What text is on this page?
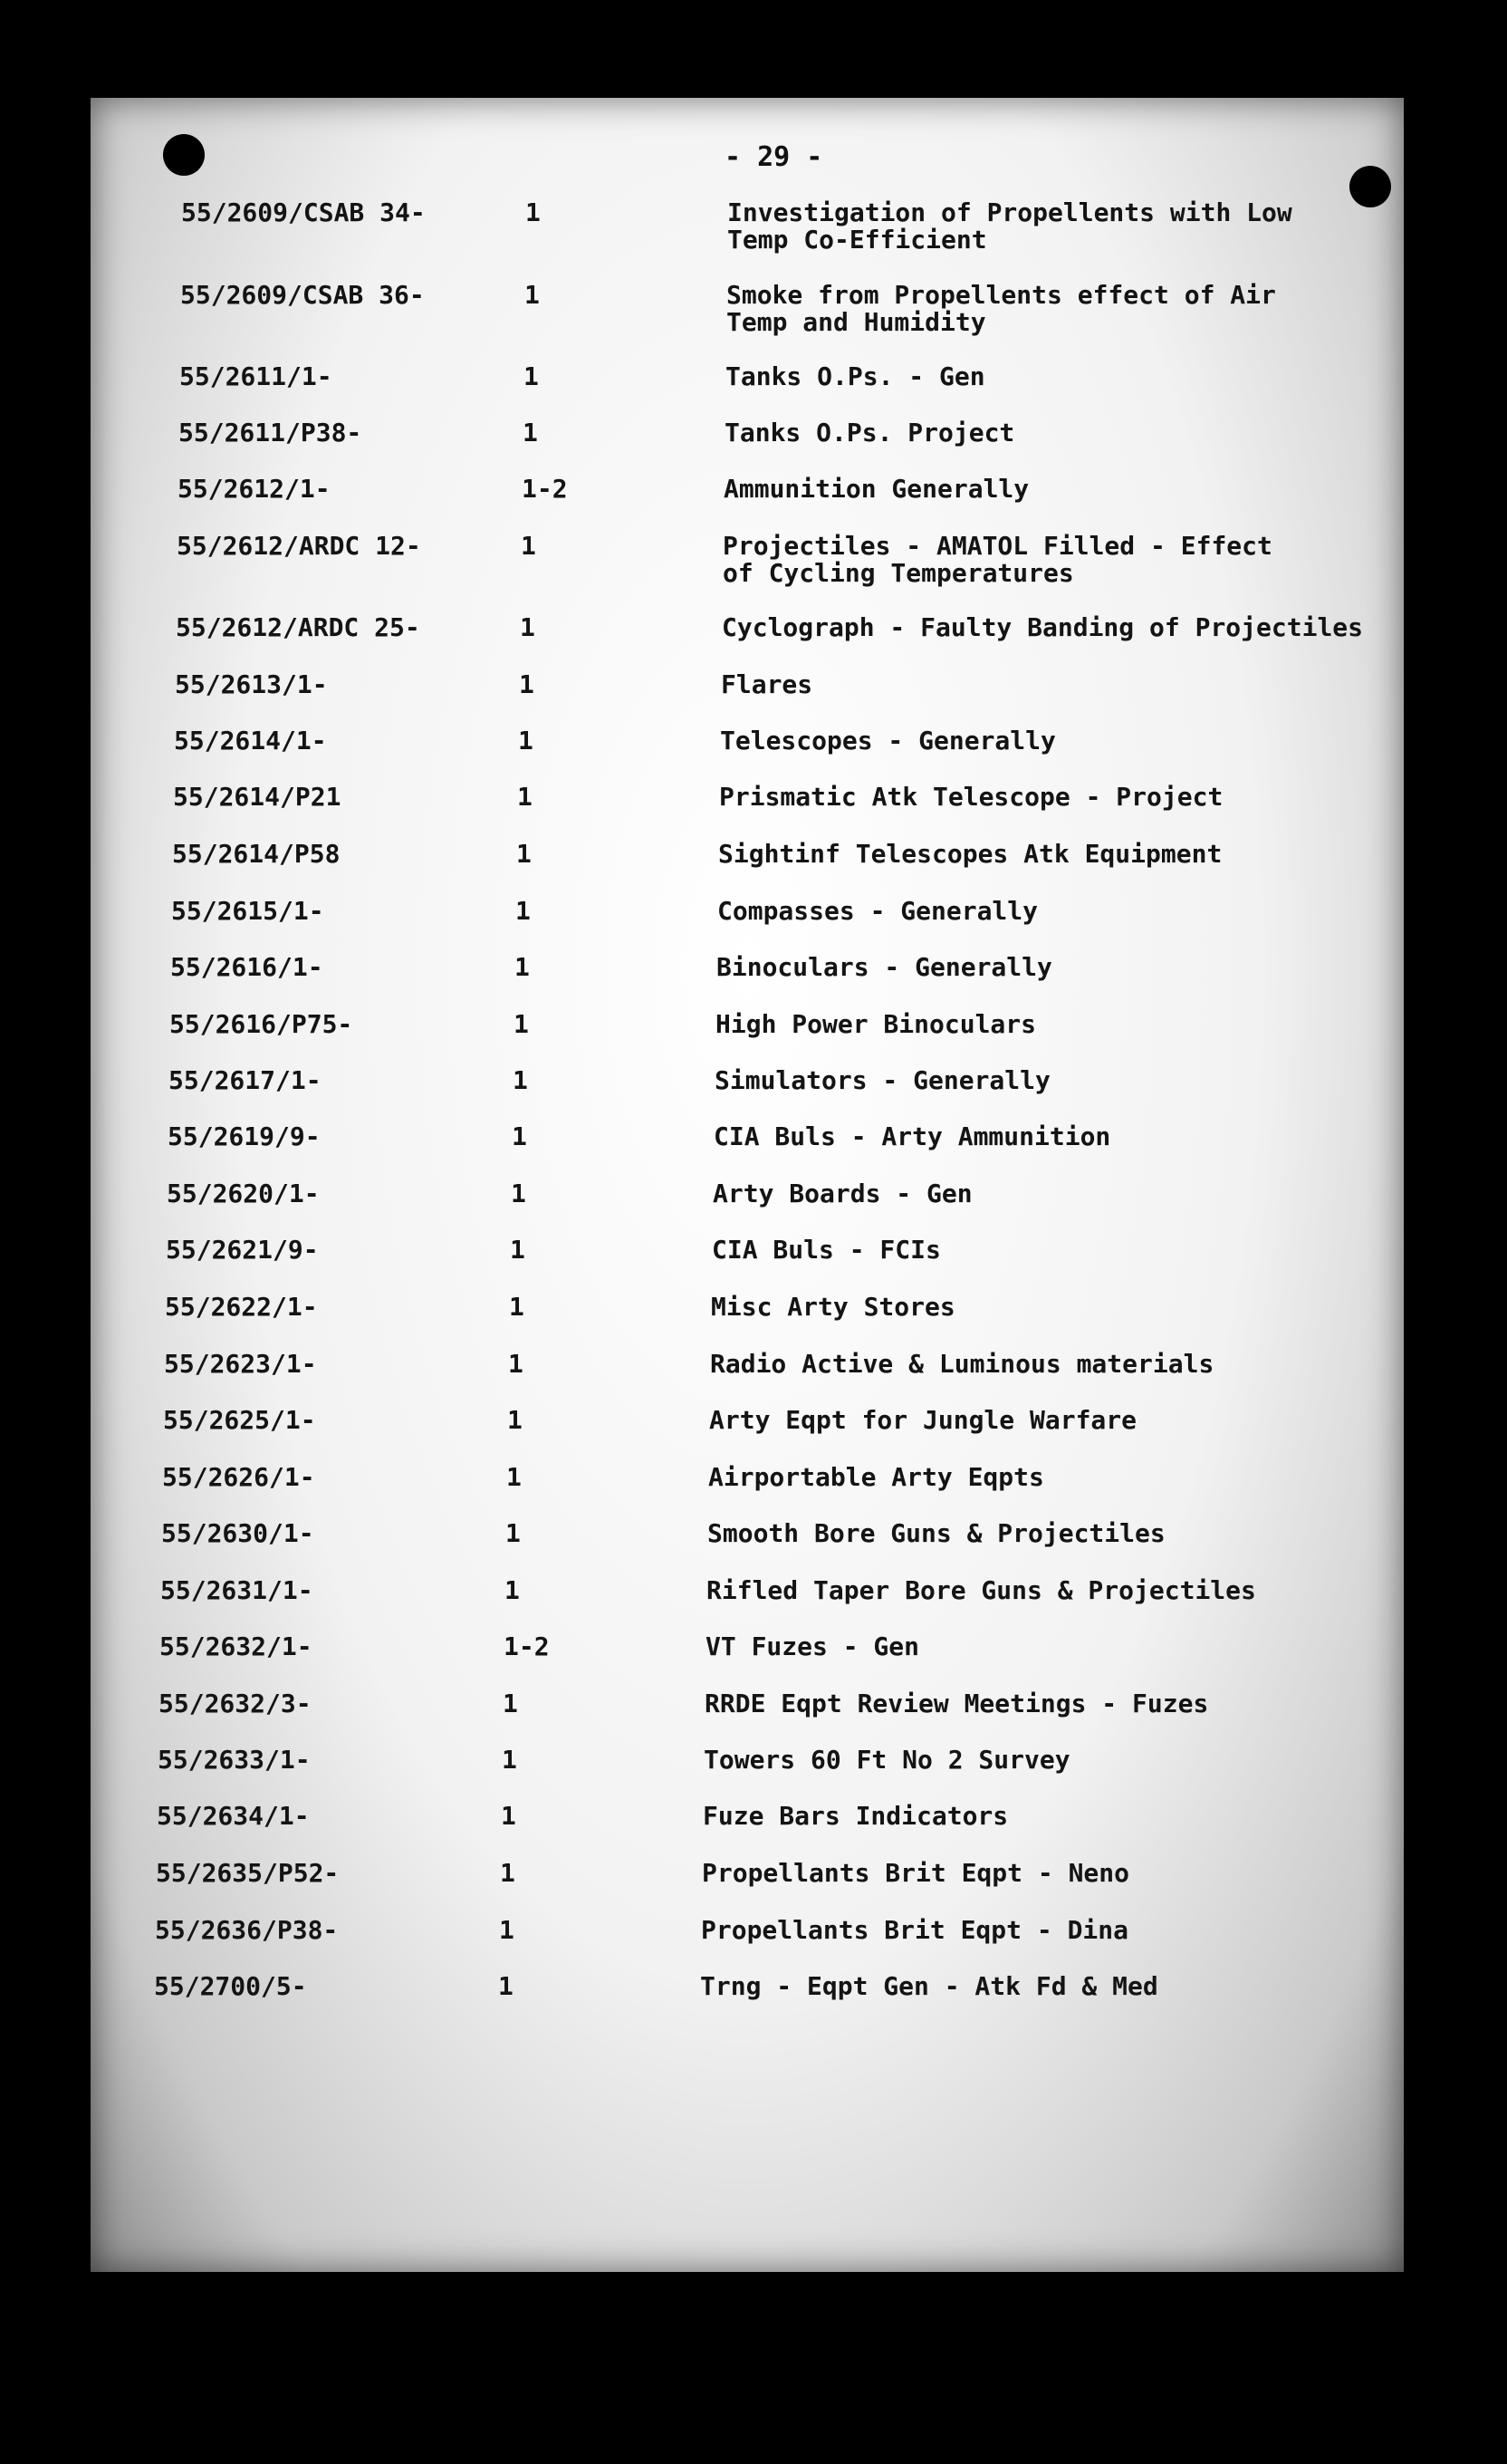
- 29 -
55/2609/CSAB 34-	1	Investigation of Propellents with Low
Temp Co-Efficient
55/2609/CSAB 36-	1	Smoke from Propellents effect of Air
Temp and Humidity
55/2611/1-	1	Tanks O.Ps. - Gen
55/2611/P38-	1	Tanks O.Ps. Project
55/2612/1-	1-2	Ammunition Generally
55/2612/ARDC 12-	1	Projectiles - AMATOL Filled - Effect
of Cycling Temperatures
55/2612/ARDC 25-	1	Cyclograph - Faulty Banding of Projectiles
55/2613/1-	1	Flares
55/2614/1-	1	Telescopes - Generally
55/2614/P21	1	Prismatic Atk Telescope - Project
55/2614/P58	1	Sightinf Telescopes Atk Equipment
55/2615/1-	1	Compasses - Generally
55/2616/1-	1	Binoculars - Generally
55/2616/P75-	1	High Power Binoculars
55/2617/1-	1	Simulators - Generally
55/2619/9-	1	CIA Buls - Arty Ammunition
55/2620/1-	1	Arty Boards - Gen
55/2621/9-	1	CIA Buls - FCIs
55/2622/1-	1	Misc Arty Stores
55/2623/1-	1	Radio Active & Luminous materials
55/2625/1-	1	Arty Eqpt for Jungle Warfare
55/2626/1-	1	Airportable Arty Eqpts
55/2630/1-	1	Smooth Bore Guns & Projectiles
55/2631/1-	1	Rifled Taper Bore Guns & Projectiles
55/2632/1-	1-2	VT Fuzes - Gen
55/2632/3-	1	RRDE Eqpt Review Meetings - Fuzes
55/2633/1-	1	Towers 60 Ft No 2 Survey
55/2634/1-	1	Fuze Bars Indicators
55/2635/P52-	1	Propellants Brit Eqpt - Neno
55/2636/P38-	1	Propellants Brit Eqpt - Dina
55/2700/5-	1	Trng - Eqpt Gen - Atk Fd & Med
